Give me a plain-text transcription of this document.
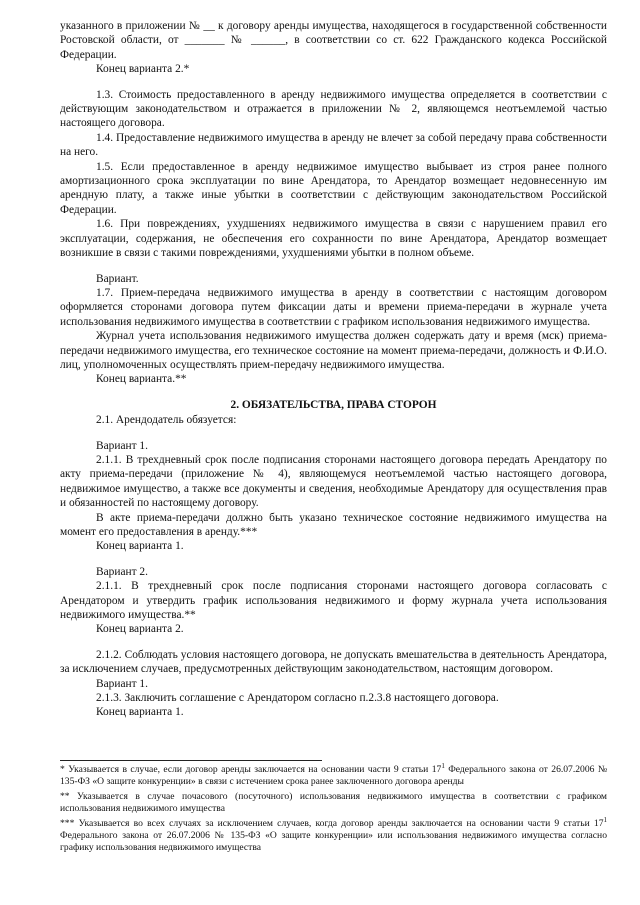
указанного в приложении № __ к договору аренды имущества, находящегося в государственной собственности Ростовской области, от _______ № ______, в соответствии со ст. 622 Гражданского кодекса Российской Федерации.

Конец варианта 2.*

1.3. Стоимость предоставленного в аренду недвижимого имущества определяется в соответствии с действующим законодательством и отражается в приложении № 2, являющемся неотъемлемой частью настоящего договора.

1.4. Предоставление недвижимого имущества в аренду не влечет за собой передачу права собственности на него.

1.5. Если предоставленное в аренду недвижимое имущество выбывает из строя ранее полного амортизационного срока эксплуатации по вине Арендатора, то Арендатор возмещает недовнесенную им арендную плату, а также иные убытки в соответствии с действующим законодательством Российской Федерации.

1.6. При повреждениях, ухудшениях недвижимого имущества в связи с нарушением правил его эксплуатации, содержания, не обеспечения его сохранности по вине Арендатора, Арендатор возмещает возникшие в связи с такими повреждениями, ухудшениями убытки в полном объеме.

Вариант.

1.7. Прием-передача недвижимого имущества в аренду в соответствии с настоящим договором оформляется сторонами договора путем фиксации даты и времени приема-передачи в журнале учета использования недвижимого имущества в соответствии с графиком использования недвижимого имущества.

Журнал учета использования недвижимого имущества должен содержать дату и время (мск) приема-передачи недвижимого имущества, его техническое состояние на момент приема-передачи, должность и Ф.И.О. лиц, уполномоченных осуществлять прием-передачу недвижимого имущества.

Конец варианта.**

2. ОБЯЗАТЕЛЬСТВА, ПРАВА СТОРОН

2.1. Арендодатель обязуется:

Вариант 1.

2.1.1. В трехдневный срок после подписания сторонами настоящего договора передать Арендатору по акту приема-передачи (приложение № 4), являющемуся неотъемлемой частью настоящего договора, недвижимое имущество, а также все документы и сведения, необходимые Арендатору для осуществления прав и обязанностей по настоящему договору.

В акте приема-передачи должно быть указано техническое состояние недвижимого имущества на момент его предоставления в аренду.***

Конец варианта 1.

Вариант 2.

2.1.1. В трехдневный срок после подписания сторонами настоящего договора согласовать с Арендатором и утвердить график использования недвижимого и форму журнала учета использования недвижимого имущества.**

Конец варианта 2.

2.1.2. Соблюдать условия настоящего договора, не допускать вмешательства в деятельность Арендатора, за исключением случаев, предусмотренных действующим законодательством, настоящим договором.

Вариант 1.

2.1.3. Заключить соглашение с Арендатором согласно п.2.3.8 настоящего договора.

Конец варианта 1.

* Указывается в случае, если договор аренды заключается на основании части 9 статьи $17^1$ Федерального закона от 26.07.2006 № 135-ФЗ «О защите конкуренции» в связи с истечением срока ранее заключенного договора аренды

** Указывается в случае почасового (посуточного) использования недвижимого имущества в соответствии с графиком использования недвижимого имущества

*** Указывается во всех случаях за исключением случаев, когда договор аренды заключается на основании части 9 статьи $17^1$ Федерального закона от 26.07.2006 № 135-ФЗ «О защите конкуренции» или использования недвижимого имущества согласно графику использования недвижимого имущества
